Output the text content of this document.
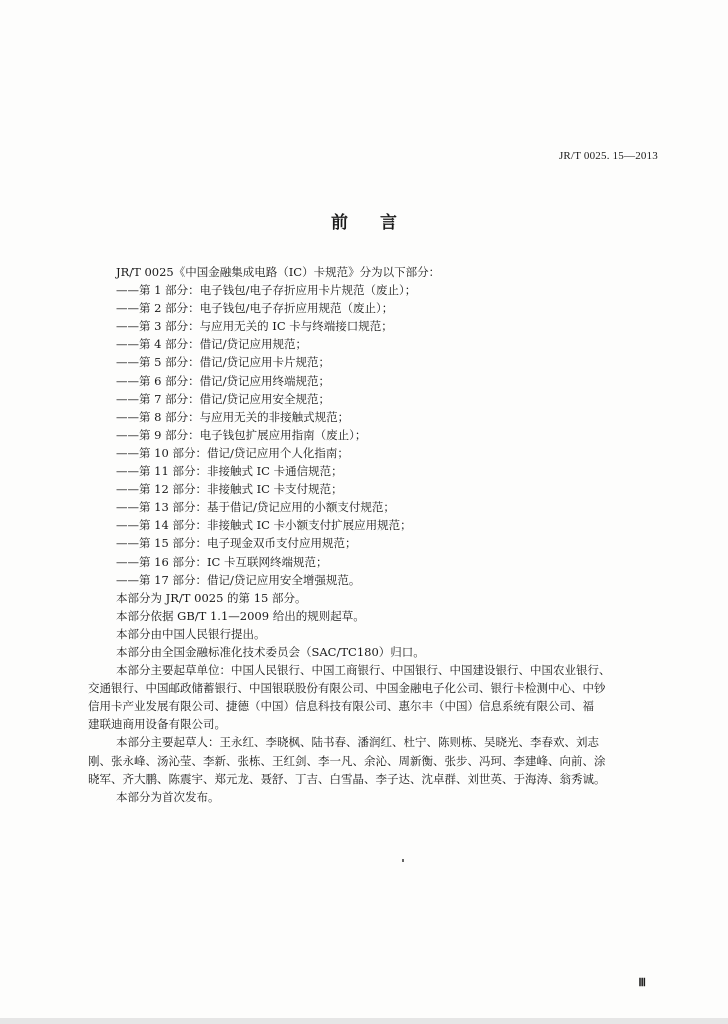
JR/T 0025. 15—2013
前言
JR/T 0025《中国金融集成电路（IC）卡规范》分为以下部分：
——第 1 部分：电子钱包/电子存折应用卡片规范（废止）；
——第 2 部分：电子钱包/电子存折应用规范（废止）；
——第 3 部分：与应用无关的 IC 卡与终端接口规范；
——第 4 部分：借记/贷记应用规范；
——第 5 部分：借记/贷记应用卡片规范；
——第 6 部分：借记/贷记应用终端规范；
——第 7 部分：借记/贷记应用安全规范；
——第 8 部分：与应用无关的非接触式规范；
——第 9 部分：电子钱包扩展应用指南（废止）；
——第 10 部分：借记/贷记应用个人化指南；
——第 11 部分：非接触式 IC 卡通信规范；
——第 12 部分：非接触式 IC 卡支付规范；
——第 13 部分：基于借记/贷记应用的小额支付规范；
——第 14 部分：非接触式 IC 卡小额支付扩展应用规范；
——第 15 部分：电子现金双币支付应用规范；
——第 16 部分：IC 卡互联网终端规范；
——第 17 部分：借记/贷记应用安全增强规范。
本部分为 JR/T 0025 的第 15 部分。
本部分依据 GB/T 1.1—2009 给出的规则起草。
本部分由中国人民银行提出。
本部分由全国金融标准化技术委员会（SAC/TC180）归口。
本部分主要起草单位：中国人民银行、中国工商银行、中国银行、中国建设银行、中国农业银行、
交通银行、中国邮政储蓄银行、中国银联股份有限公司、中国金融电子化公司、银行卡检测中心、中钞
信用卡产业发展有限公司、捷德（中国）信息科技有限公司、惠尔丰（中国）信息系统有限公司、福
建联迪商用设备有限公司。
本部分主要起草人：王永红、李晓枫、陆书春、潘润红、杜宁、陈则栋、吴晓光、李春欢、刘志
刚、张永峰、汤沁莹、李新、张栋、王红剑、李一凡、余沁、周新衡、张步、冯珂、李建峰、向前、涂
晓军、齐大鹏、陈震宇、郑元龙、聂舒、丁吉、白雪晶、李子达、沈卓群、刘世英、于海涛、翁秀诚。
本部分为首次发布。
Ⅲ
